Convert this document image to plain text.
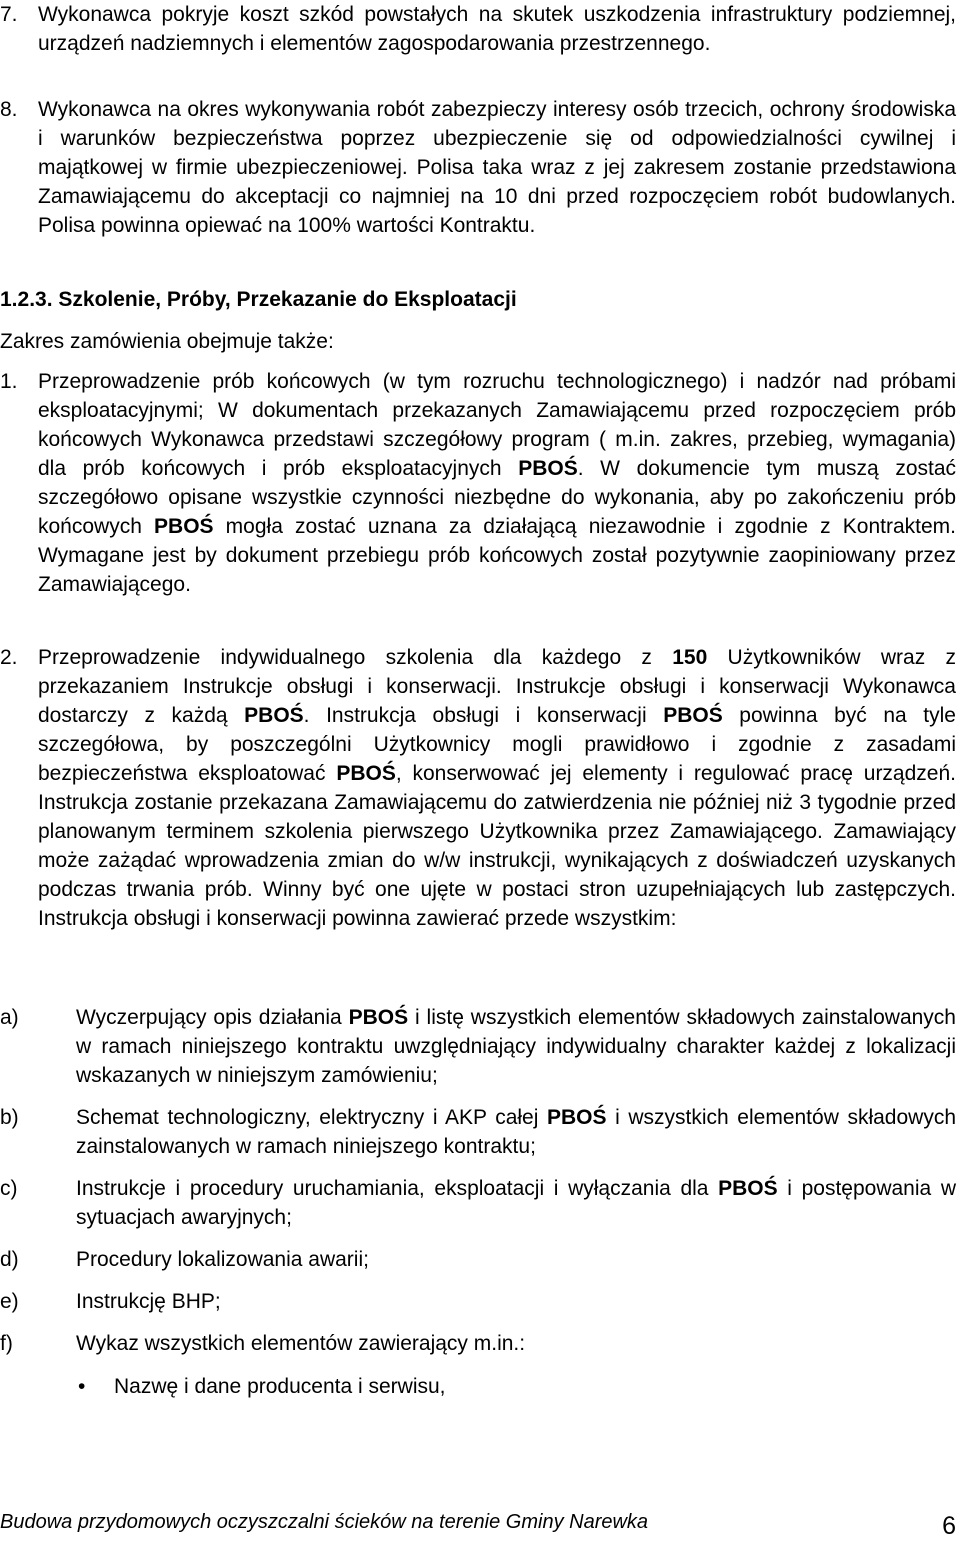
7. Wykonawca pokryje koszt szkód powstałych na skutek uszkodzenia infrastruktury podziemnej, urządzeń nadziemnych i elementów zagospodarowania przestrzennego.
8. Wykonawca na okres wykonywania robót zabezpieczy interesy osób trzecich, ochrony środowiska i warunków bezpieczeństwa poprzez ubezpieczenie się od odpowiedzialności cywilnej i majątkowej w firmie ubezpieczeniowej. Polisa taka wraz z jej zakresem zostanie przedstawiona Zamawiającemu do akceptacji co najmniej na 10 dni przed rozpoczęciem robót budowlanych. Polisa powinna opiewać na 100% wartości Kontraktu.
1.2.3. Szkolenie, Próby, Przekazanie do Eksploatacji
Zakres zamówienia obejmuje także:
1. Przeprowadzenie prób końcowych (w tym rozruchu technologicznego) i nadzór nad próbami eksploatacyjnymi; W dokumentach przekazanych Zamawiającemu przed rozpoczęciem prób końcowych Wykonawca przedstawi szczegółowy program ( m.in. zakres, przebieg, wymagania) dla prób końcowych i prób eksploatacyjnych PBOŚ. W dokumencie tym muszą zostać szczegółowo opisane wszystkie czynności niezbędne do wykonania, aby po zakończeniu prób końcowych PBOŚ mogła zostać uznana za działającą niezawodnie i zgodnie z Kontraktem. Wymagane jest by dokument przebiegu prób końcowych został pozytywnie zaopiniowany przez Zamawiającego.
2. Przeprowadzenie indywidualnego szkolenia dla każdego z 150 Użytkowników wraz z przekazaniem Instrukcje obsługi i konserwacji. Instrukcje obsługi i konserwacji Wykonawca dostarczy z każdą PBOŚ. Instrukcja obsługi i konserwacji PBOŚ powinna być na tyle szczegółowa, by poszczególni Użytkownicy mogli prawidłowo i zgodnie z zasadami bezpieczeństwa eksploatować PBOŚ, konserwować jej elementy i regulować pracę urządzeń. Instrukcja zostanie przekazana Zamawiającemu do zatwierdzenia nie później niż 3 tygodnie przed planowanym terminem szkolenia pierwszego Użytkownika przez Zamawiającego. Zamawiający może zażądać wprowadzenia zmian do w/w instrukcji, wynikających z doświadczeń uzyskanych podczas trwania prób. Winny być one ujęte w postaci stron uzupełniających lub zastępczych. Instrukcja obsługi i konserwacji powinna zawierać przede wszystkim:
a)	Wyczerpujący opis działania PBOŚ i listę wszystkich elementów składowych zainstalowanych w ramach niniejszego kontraktu uwzględniający indywidualny charakter każdej z lokalizacji wskazanych w niniejszym zamówieniu;
b)	Schemat technologiczny, elektryczny i AKP całej PBOŚ i wszystkich elementów składowych zainstalowanych w ramach niniejszego kontraktu;
c)	Instrukcje i procedury uruchamiania, eksploatacji i wyłączania dla PBOŚ i postępowania w sytuacjach awaryjnych;
d)	Procedury lokalizowania awarii;
e)	Instrukcję BHP;
f)	Wykaz wszystkich elementów zawierający m.in.:
• Nazwę i dane producenta i serwisu,
Budowa przydomowych oczyszczalni ścieków na terenie Gminy Narewka	6
